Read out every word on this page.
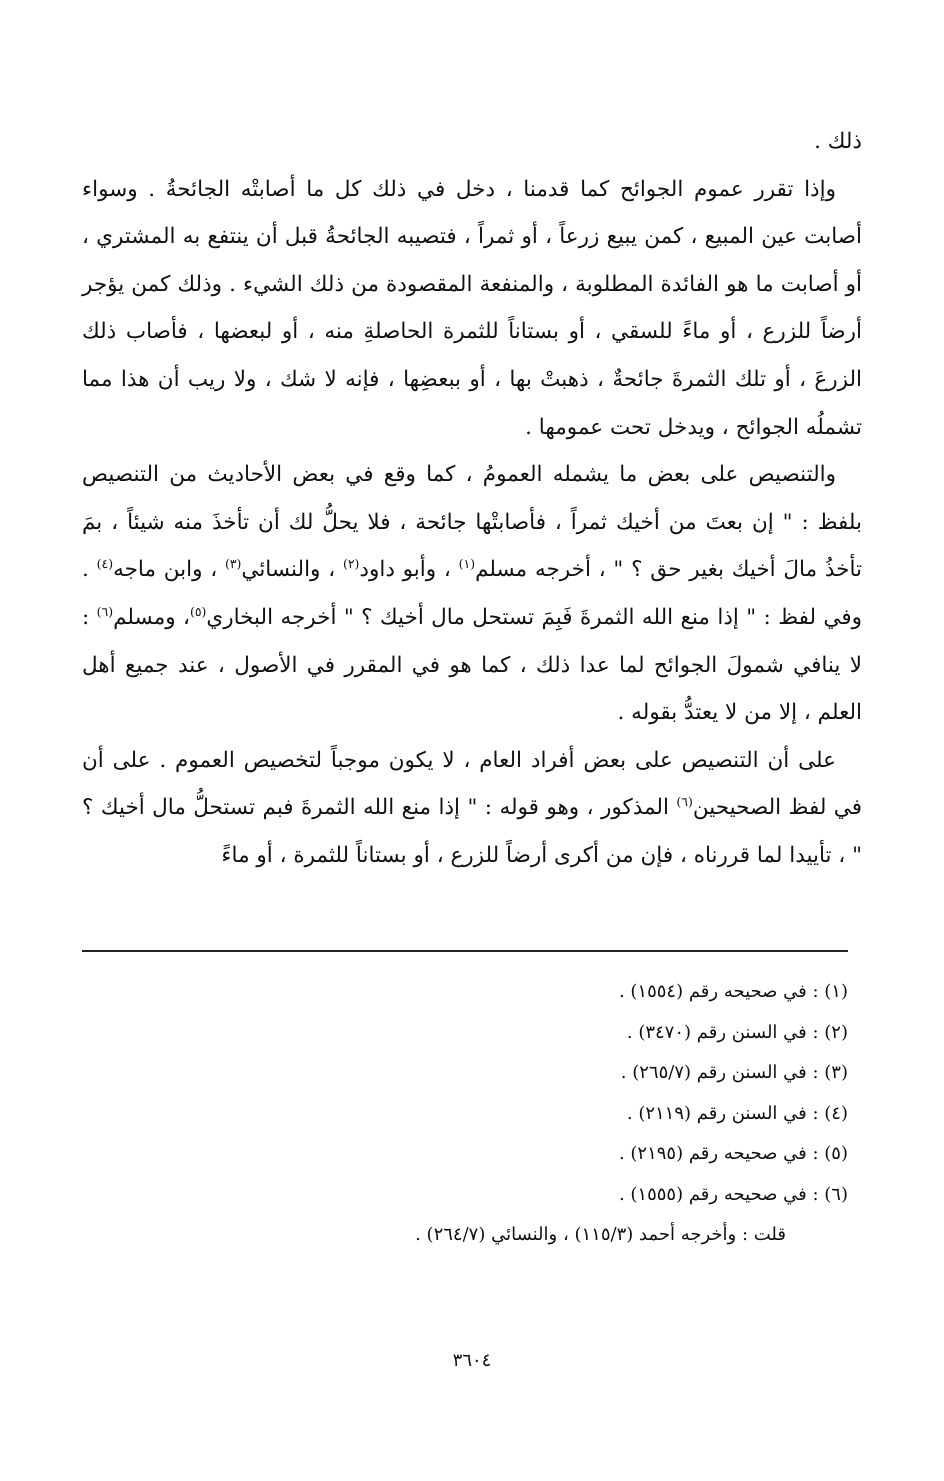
ذلك .

وإذا تقرر عموم الجوائح كما قدمنا ، دخل في ذلك كل ما أصابتْه الجائحةُ . وسواء أصابت عين المبيع ، كمن يبيع زرعاً ، أو ثمراً ، فتصيبه الجائحةُ قبل أن ينتفع به المشتري ، أو أصابت ما هو الفائدة المطلوبة ، والمنفعة المقصودة من ذلك الشيء . وذلك كمن يؤجر أرضاً للزرع ، أو ماءً للسقي ، أو بستاناً للثمرة الحاصلةِ منه ، أو لبعضها ، فأصاب ذلك الزرعَ ، أو تلك الثمرةَ جائحةٌ ، ذهبتْ بها ، أو ببعضِها ، فإنه لا شك ، ولا ريب أن هذا مما تشملُه الجوائح ، ويدخل تحت عمومها .

والتنصيص على بعض ما يشمله العمومُ ، كما وقع في بعض الأحاديث من التنصيص بلفظ : " إن بعتَ من أخيك ثمراً ، فأصابتْها جائحة ، فلا يحلُّ لك أن تأخذَ منه شيئاً ، بمَ تأخذُ مالَ أخيك بغير حق ؟ " ، أخرجه مسلم$^{(١)}$ ، وأبو داود$^{(٢)}$ ، والنسائي$^{(٣)}$ ، وابن ماجه$^{(٤)}$ . وفي لفظ : " إذا منع الله الثمرةَ فَبِمَ تستحل مال أخيك ؟ " أخرجه البخاري$^{(٥)}$، ومسلم$^{(٦)}$ : لا ينافي شمولَ الجوائح لما عدا ذلك ، كما هو في المقرر في الأصول ، عند جميع أهل العلم ، إلا من لا يعتدُّ بقوله .

على أن التنصيص على بعض أفراد العام ، لا يكون موجباً لتخصيص العموم . على أن في لفظ الصحيحين$^{(٦)}$ المذكور ، وهو قوله : " إذا منع الله الثمرةَ فبم تستحلُّ مال أخيك ؟ " ، تأييدا لما قررناه ، فإن من أكرى أرضاً للزرع ، أو بستاناً للثمرة ، أو ماءً

(١) : في صحيحه رقم (١٥٥٤) .

(٢) : في السنن رقم (٣٤٧٠) .

(٣) : في السنن رقم (٢٦٥/٧) .

(٤) : في السنن رقم (٢١١٩) .

(٥) : في صحيحه رقم (٢١٩٥) .

(٦) : في صحيحه رقم (١٥٥٥) .

قلت : وأخرجه أحمد (١١٥/٣) ، والنسائي (٢٦٤/٧) .

٣٦٠٤
